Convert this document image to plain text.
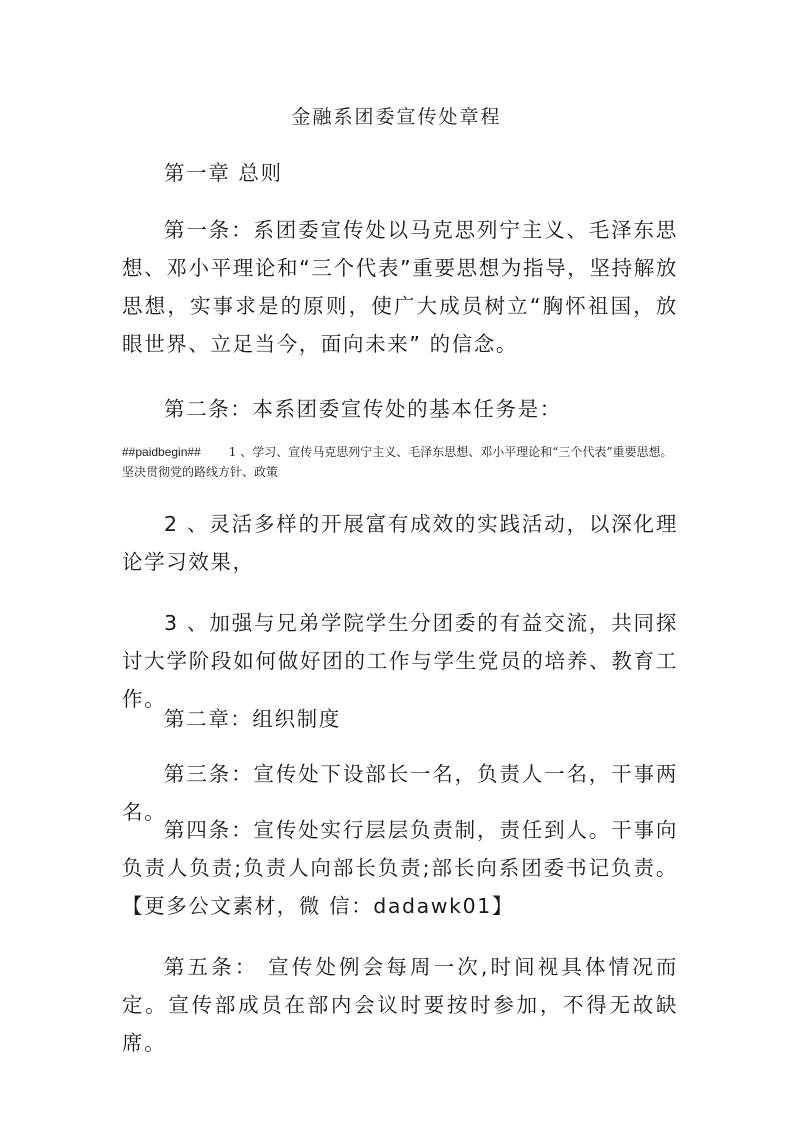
金融系团委宣传处章程
第一章 总则
第一条：系团委宣传处以马克思列宁主义、毛泽东思想、邓小平理论和“三个代表”重要思想为指导，坚持解放思想，实事求是的原则，使广大成员树立“胸怀祖国，放眼世界、立足当今，面向未来” 的信念。
第二条：本系团委宣传处的基本任务是：
##paidbegin## 1 、学习、宣传马克思列宁主义、毛泽东思想、邓小平理论和“三个代表”重要思想。坚决贯彻党的路线方针、政策
2 、灵活多样的开展富有成效的实践活动，以深化理论学习效果，
3 、加强与兄弟学院学生分团委的有益交流，共同探讨大学阶段如何做好团的工作与学生党员的培养、教育工作。
第二章：组织制度
第三条：宣传处下设部长一名，负责人一名，干事两名。
第四条：宣传处实行层层负责制，责任到人。干事向负责人负责;负责人向部长负责;部长向系团委书记负责。【更多公文素材，微 信：dadawk01】
第五条： 宣传处例会每周一次,时间视具体情况而定。宣传部成员在部内会议时要按时参加，不得无故缺席。
